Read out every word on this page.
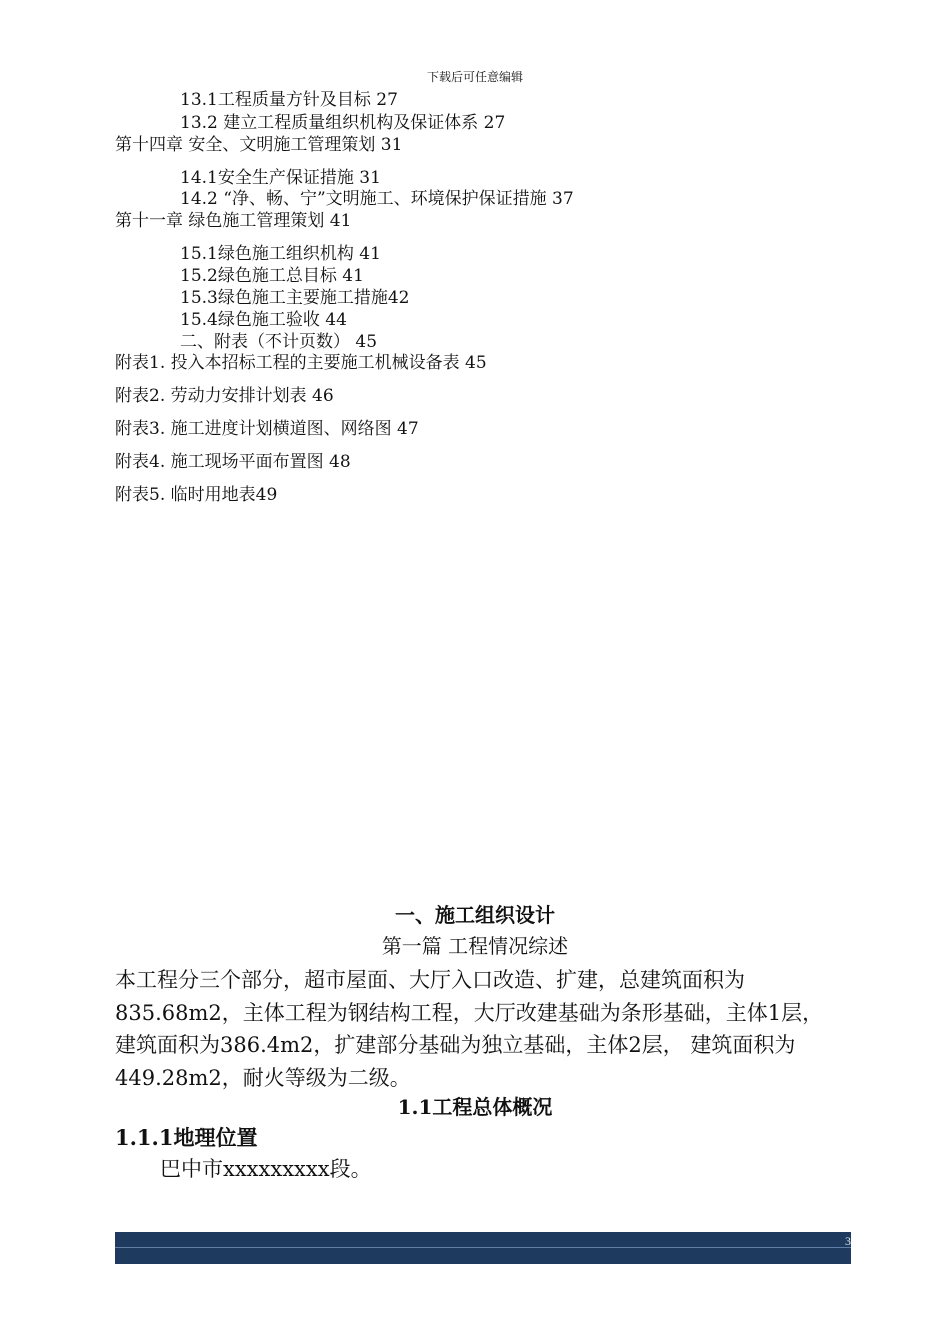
下载后可任意编辑
13.1工程质量方针及目标 27
13.2 建立工程质量组织机构及保证体系 27
第十四章 安全、文明施工管理策划 31
14.1安全生产保证措施 31
14.2 “净、畅、宁”文明施工、环境保护保证措施 37
第十一章 绿色施工管理策划 41
15.1绿色施工组织机构 41
15.2绿色施工总目标 41
15.3绿色施工主要施工措施42
15.4绿色施工验收 44
二、附表（不计页数） 45
附表1. 投入本招标工程的主要施工机械设备表 45
附表2. 劳动力安排计划表 46
附表3. 施工进度计划横道图、网络图 47
附表4. 施工现场平面布置图 48
附表5. 临时用地表49
一、施工组织设计
第一篇 工程情况综述
本工程分三个部分，超市屋面、大厅入口改造、扩建，总建筑面积为
835.68m2，主体工程为钢结构工程，大厅改建基础为条形基础，主体1层，
建筑面积为386.4m2，扩建部分基础为独立基础，主体2层， 建筑面积为
449.28m2，耐火等级为二级。
1.1工程总体概况
1.1.1地理位置
巴中市xxxxxxxxx段。
3
